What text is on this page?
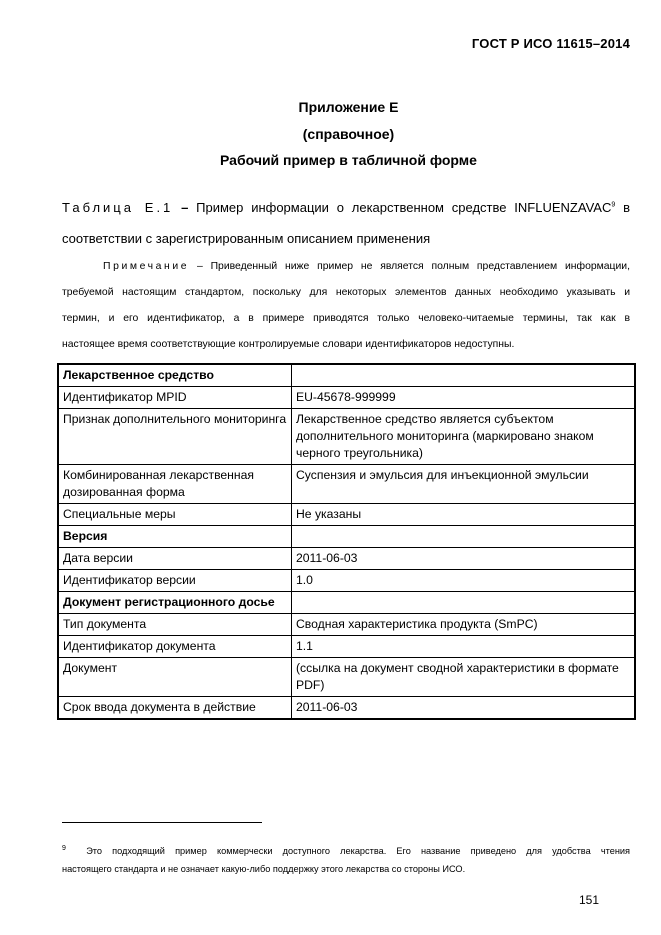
ГОСТ Р ИСО 11615–2014
Приложение Е
(справочное)
Рабочий пример в табличной форме
Таблица Е.1 – Пример информации о лекарственном средстве INFLUENZAVAC$^9$ в
соответствии с зарегистрированным описанием применения
Примечание – Приведенный ниже пример не является полным представлением информации,
требуемой настоящим стандартом, поскольку для некоторых элементов данных необходимо указывать и
термин, и его идентификатор, а в примере приводятся только человеко-читаемые термины, так как в
настоящее время соответствующие контролируемые словари идентификаторов недоступны.
Лекарственное средство	
Идентификатор MPID	EU-45678-999999
Признак дополнительного мониторинга	Лекарственное средство является субъектом дополнительного мониторинга (маркировано знаком черного треугольника)
Комбинированная лекарственная дозированная форма	Суспензия и эмульсия для инъекционной эмульсии
Специальные меры	Не указаны
Версия	
Дата версии	2011-06-03
Идентификатор версии	1.0
Документ регистрационного досье	
Тип документа	Сводная характеристика продукта (SmPC)
Идентификатор документа	1.1
Документ	(ссылка на документ сводной характеристики в формате PDF)
Срок ввода документа в действие	2011-06-03
$^9$ Это подходящий пример коммерчески доступного лекарства. Его название приведено для удобства чтения
настоящего стандарта и не означает какую-либо поддержку этого лекарства со стороны ИСО.
151
